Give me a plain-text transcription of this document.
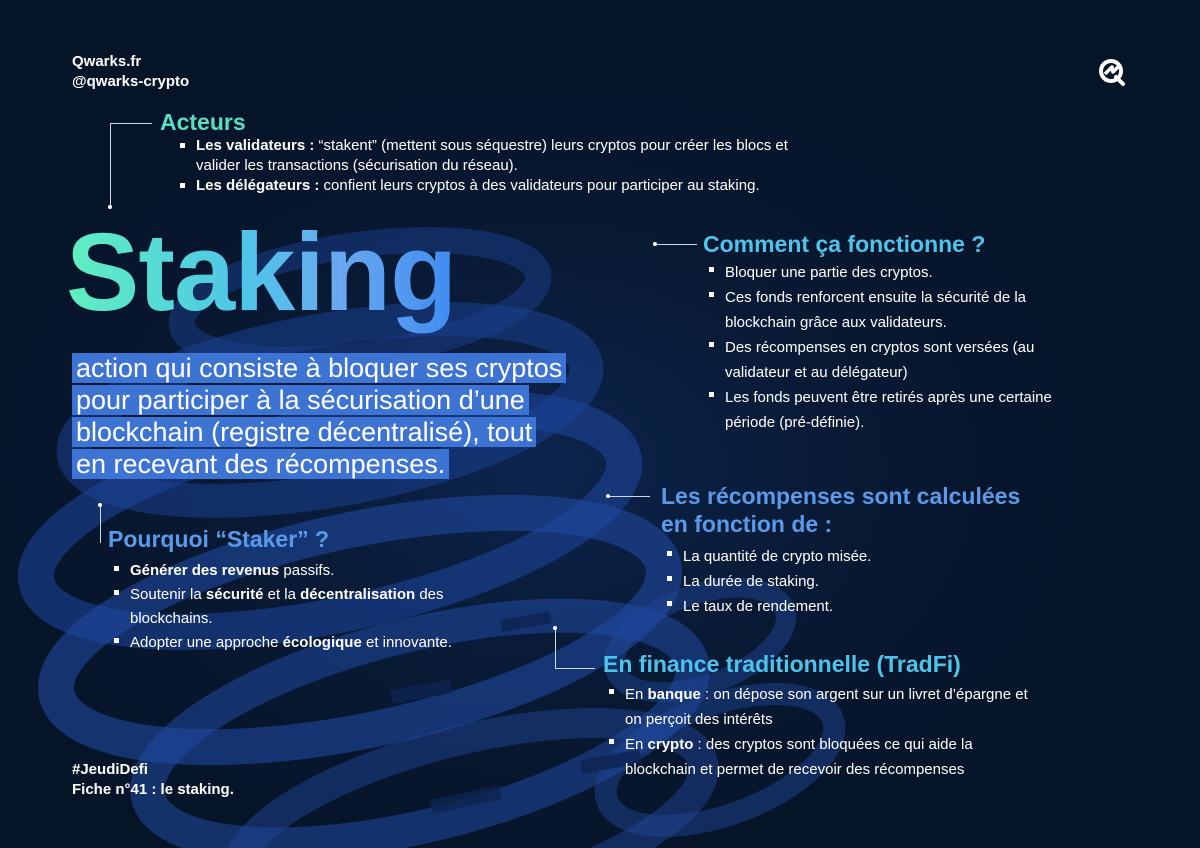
Qwarks.fr
@qwarks-crypto
Acteurs
Les validateurs : “stakent” (mettent sous séquestre) leurs cryptos pour créer les blocs et valider les transactions (sécurisation du réseau).
Les délégateurs : confient leurs cryptos à des validateurs pour participer au staking.
Staking
action qui consiste à bloquer ses cryptos
pour participer à la sécurisation d’une
blockchain (registre décentralisé), tout
en recevant des récompenses.
Comment ça fonctionne ?
Bloquer une partie des cryptos.
Ces fonds renforcent ensuite la sécurité de la blockchain grâce aux validateurs.
Des récompenses en cryptos sont versées (au validateur et au délégateur)
Les fonds peuvent être retirés après une certaine période (pré-définie).
Les récompenses sont calculées
en fonction de :
La quantité de crypto misée.
La durée de staking.
Le taux de rendement.
Pourquoi “Staker” ?
Générer des revenus passifs.
Soutenir la sécurité et la décentralisation des blockchains.
Adopter une approche écologique et innovante.
En finance traditionnelle (TradFi)
En banque : on dépose son argent sur un livret d’épargne et on perçoit des intérêts
En crypto : des cryptos sont bloquées ce qui aide la blockchain et permet de recevoir des récompenses
#JeudiDefi
Fiche n°41 : le staking.
